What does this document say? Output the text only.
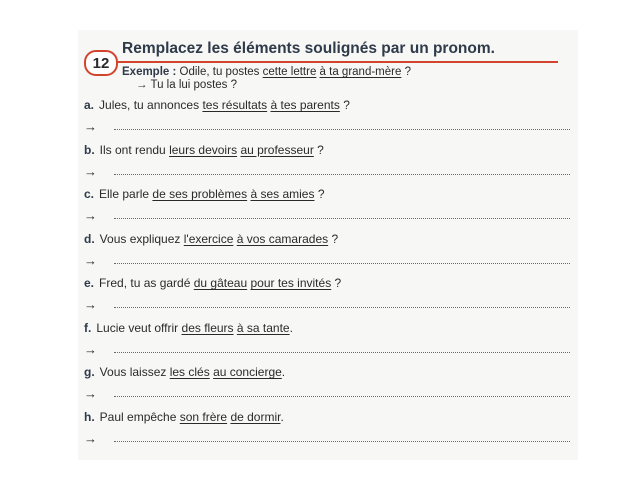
12
Remplacez les éléments soulignés par un pronom.
Exemple : Odile, tu postes cette lettre à ta grand-mère ?
→ Tu la lui postes ?
a. Jules, tu annonces tes résultats à tes parents ?
→
b. Ils ont rendu leurs devoirs au professeur ?
→
c. Elle parle de ses problèmes à ses amies ?
→
d. Vous expliquez l'exercice à vos camarades ?
→
e. Fred, tu as gardé du gâteau pour tes invités ?
→
f. Lucie veut offrir des fleurs à sa tante.
→
g. Vous laissez les clés au concierge.
→
h. Paul empêche son frère de dormir.
→
